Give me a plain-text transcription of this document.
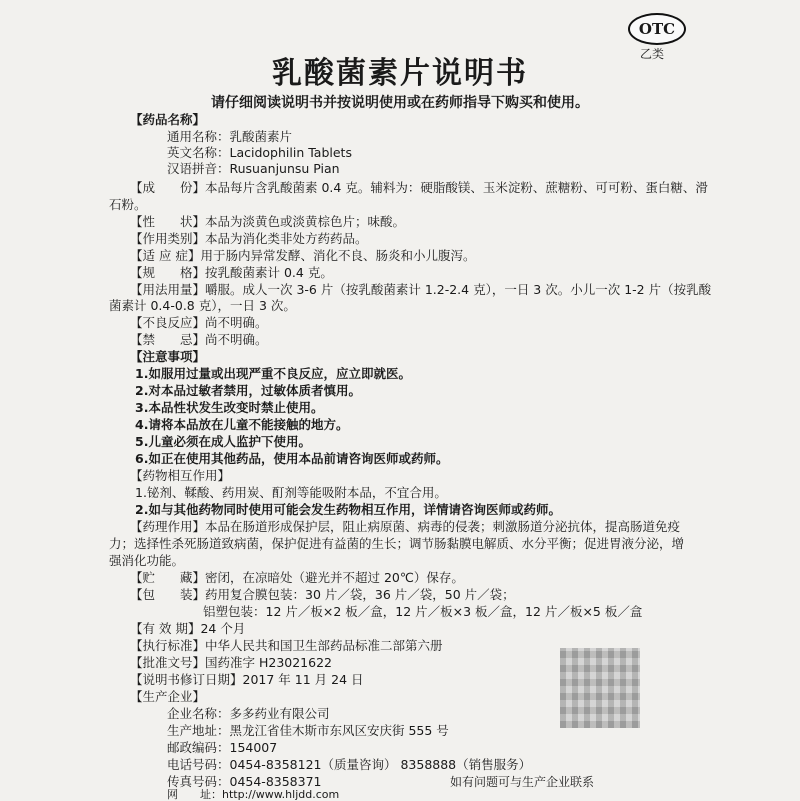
OTC
乙类
乳酸菌素片说明书
请仔细阅读说明书并按说明使用或在药师指导下购买和使用。
【药品名称】
通用名称：乳酸菌素片
英文名称：Lacidophilin Tablets
汉语拼音：Rusuanjunsu Pian
【成　　份】本品每片含乳酸菌素 0.4 克。辅料为：硬脂酸镁、玉米淀粉、蔗糖粉、可可粉、蛋白糖、滑
石粉。
【性　　状】本品为淡黄色或淡黄棕色片；味酸。
【作用类别】本品为消化类非处方药药品。
【适 应 症】用于肠内异常发酵、消化不良、肠炎和小儿腹泻。
【规　　格】按乳酸菌素计 0.4 克。
【用法用量】嚼服。成人一次 3-6 片（按乳酸菌素计 1.2-2.4 克），一日 3 次。小儿一次 1-2 片（按乳酸
菌素计 0.4-0.8 克），一日 3 次。
【不良反应】尚不明确。
【禁　　忌】尚不明确。
【注意事项】
1.如服用过量或出现严重不良反应，应立即就医。
2.对本品过敏者禁用，过敏体质者慎用。
3.本品性状发生改变时禁止使用。
4.请将本品放在儿童不能接触的地方。
5.儿童必须在成人监护下使用。
6.如正在使用其他药品，使用本品前请咨询医师或药师。
【药物相互作用】
1.铋剂、鞣酸、药用炭、酊剂等能吸附本品，不宜合用。
2.如与其他药物同时使用可能会发生药物相互作用，详情请咨询医师或药师。
【药理作用】本品在肠道形成保护层，阻止病原菌、病毒的侵袭；刺激肠道分泌抗体，提高肠道免疫
力；选择性杀死肠道致病菌，保护促进有益菌的生长；调节肠黏膜电解质、水分平衡；促进胃液分泌，增
强消化功能。
【贮　　藏】密闭，在凉暗处（避光并不超过 20℃）保存。
【包　　装】药用复合膜包装：30 片／袋，36 片／袋，50 片／袋；
铝塑包装：12 片／板×2 板／盒，12 片／板×3 板／盒，12 片／板×5 板／盒
【有 效 期】24 个月
【执行标准】中华人民共和国卫生部药品标准二部第六册
【批准文号】国药准字 H23021622
【说明书修订日期】2017 年 11 月 24 日
【生产企业】
企业名称：多多药业有限公司
生产地址：黑龙江省佳木斯市东风区安庆街 555 号
邮政编码：154007
电话号码：0454-8358121（质量咨询） 8358888（销售服务）
传真号码：0454-8358371
网　　址：http://www.hljdd.com
如有问题可与生产企业联系
